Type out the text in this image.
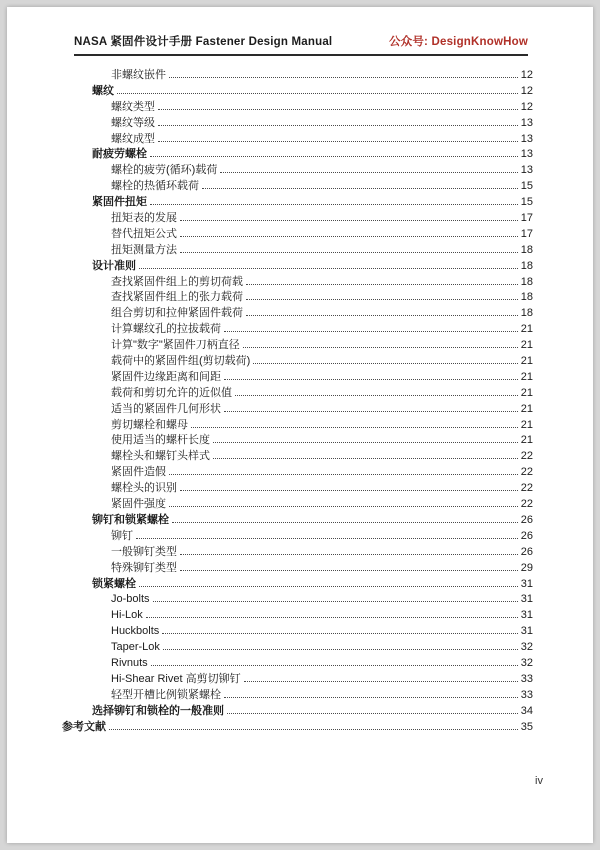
NASA 紧固件设计手册 Fastener Design Manual	公众号: DesignKnowHow
非螺纹嵌件	12
螺纹	12
螺纹类型	12
螺纹等级	13
螺纹成型	13
耐疲劳螺栓	13
螺栓的疲劳(循环)载荷	13
螺栓的热循环载荷	15
紧固件扭矩	15
扭矩表的发展	17
替代扭矩公式	17
扭矩测量方法	18
设计准则	18
查找紧固件组上的剪切荷载	18
查找紧固件组上的张力载荷	18
组合剪切和拉伸紧固件载荷	18
计算螺纹孔的拉拔载荷	21
计算"数字"紧固件刀柄直径	21
载荷中的紧固件组(剪切载荷)	21
紧固件边缘距离和间距	21
载荷和剪切允许的近似值	21
适当的紧固件几何形状	21
剪切螺栓和螺母	21
使用适当的螺杆长度	21
螺栓头和螺钉头样式	22
紧固件造假	22
螺栓头的识别	22
紧固件强度	22
铆钉和锁紧螺栓	26
铆钉	26
一般铆钉类型	26
特殊铆钉类型	29
锁紧螺栓	31
Jo-bolts	31
Hi-Lok	31
Huckbolts	31
Taper-Lok	32
Rivnuts	32
Hi-Shear Rivet 高剪切铆钉	33
轻型开槽比例锁紧螺栓	33
选择铆钉和锁栓的一般准则	34
参考文献	35
iv
